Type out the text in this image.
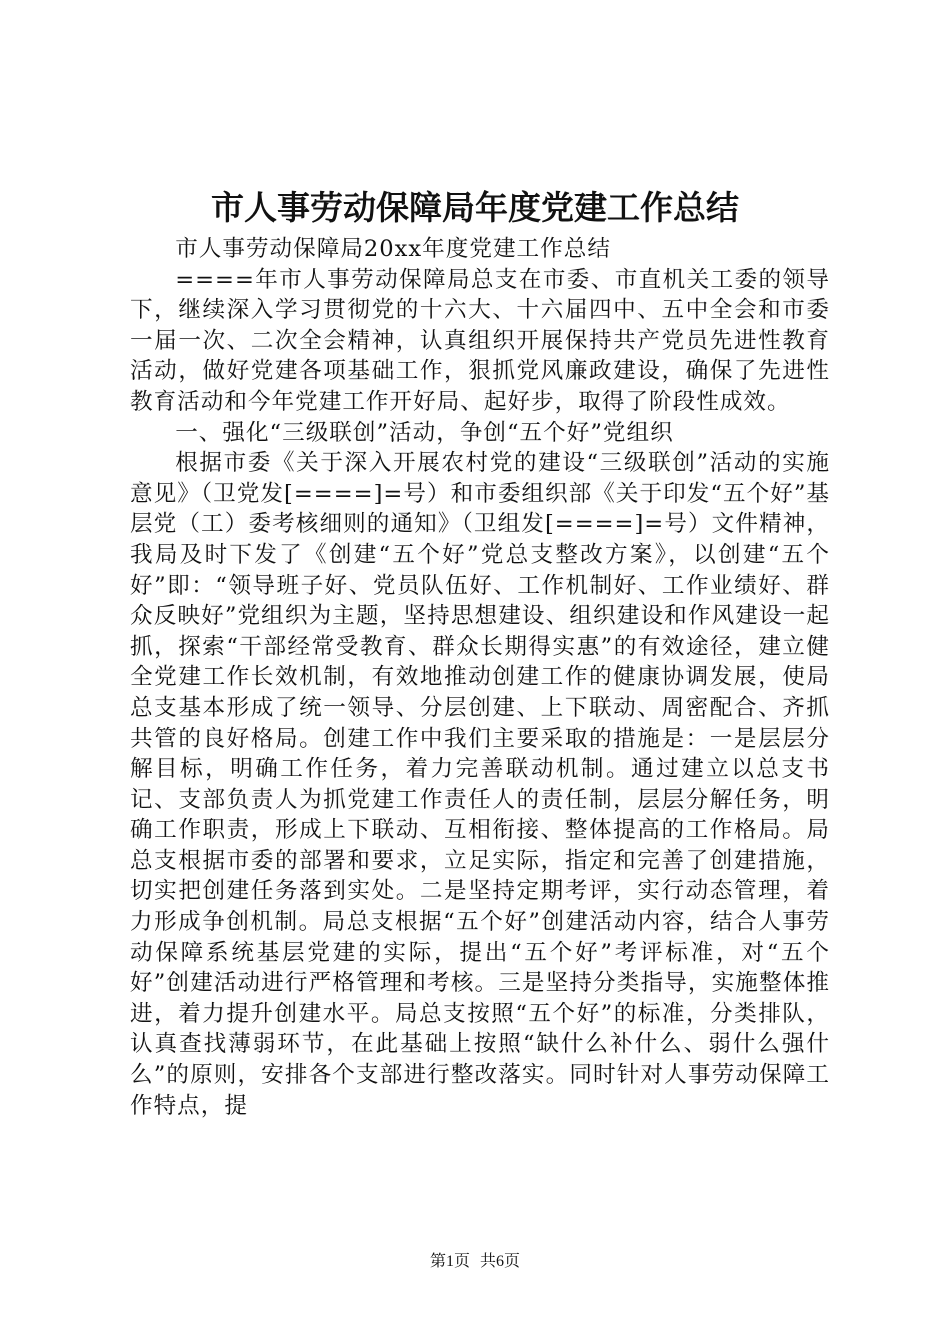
市人事劳动保障局年度党建工作总结

市人事劳动保障局20xx年度党建工作总结

====年市人事劳动保障局总支在市委、市直机关工委的领导下，继续深入学习贯彻党的十六大、十六届四中、五中全会和市委一届一次、二次全会精神，认真组织开展保持共产党员先进性教育活动，做好党建各项基础工作，狠抓党风廉政建设，确保了先进性教育活动和今年党建工作开好局、起好步，取得了阶段性成效。

一、强化“三级联创”活动，争创“五个好”党组织

根据市委《关于深入开展农村党的建设“三级联创”活动的实施意见》（卫党发[====]=号）和市委组织部《关于印发“五个好”基层党（工）委考核细则的通知》（卫组发[====]=号）文件精神，我局及时下发了《创建“五个好”党总支整改方案》，以创建“五个好”即：“领导班子好、党员队伍好、工作机制好、工作业绩好、群众反映好”党组织为主题，坚持思想建设、组织建设和作风建设一起抓，探索“干部经常受教育、群众长期得实惠”的有效途径，建立健全党建工作长效机制，有效地推动创建工作的健康协调发展，使局总支基本形成了统一领导、分层创建、上下联动、周密配合、齐抓共管的良好格局。创建工作中我们主要采取的措施是：一是层层分解目标，明确工作任务，着力完善联动机制。通过建立以总支书记、支部负责人为抓党建工作责任人的责任制，层层分解任务，明确工作职责，形成上下联动、互相衔接、整体提高的工作格局。局总支根据市委的部署和要求，立足实际，指定和完善了创建措施，切实把创建任务落到实处。二是坚持定期考评，实行动态管理，着力形成争创机制。局总支根据“五个好”创建活动内容，结合人事劳动保障系统基层党建的实际，提出“五个好”考评标准，对“五个好”创建活动进行严格管理和考核。三是坚持分类指导，实施整体推进，着力提升创建水平。局总支按照“五个好”的标准，分类排队，认真查找薄弱环节，在此基础上按照“缺什么补什么、弱什么强什么”的原则，安排各个支部进行整改落实。同时针对人事劳动保障工作特点，提

第1页 共6页
